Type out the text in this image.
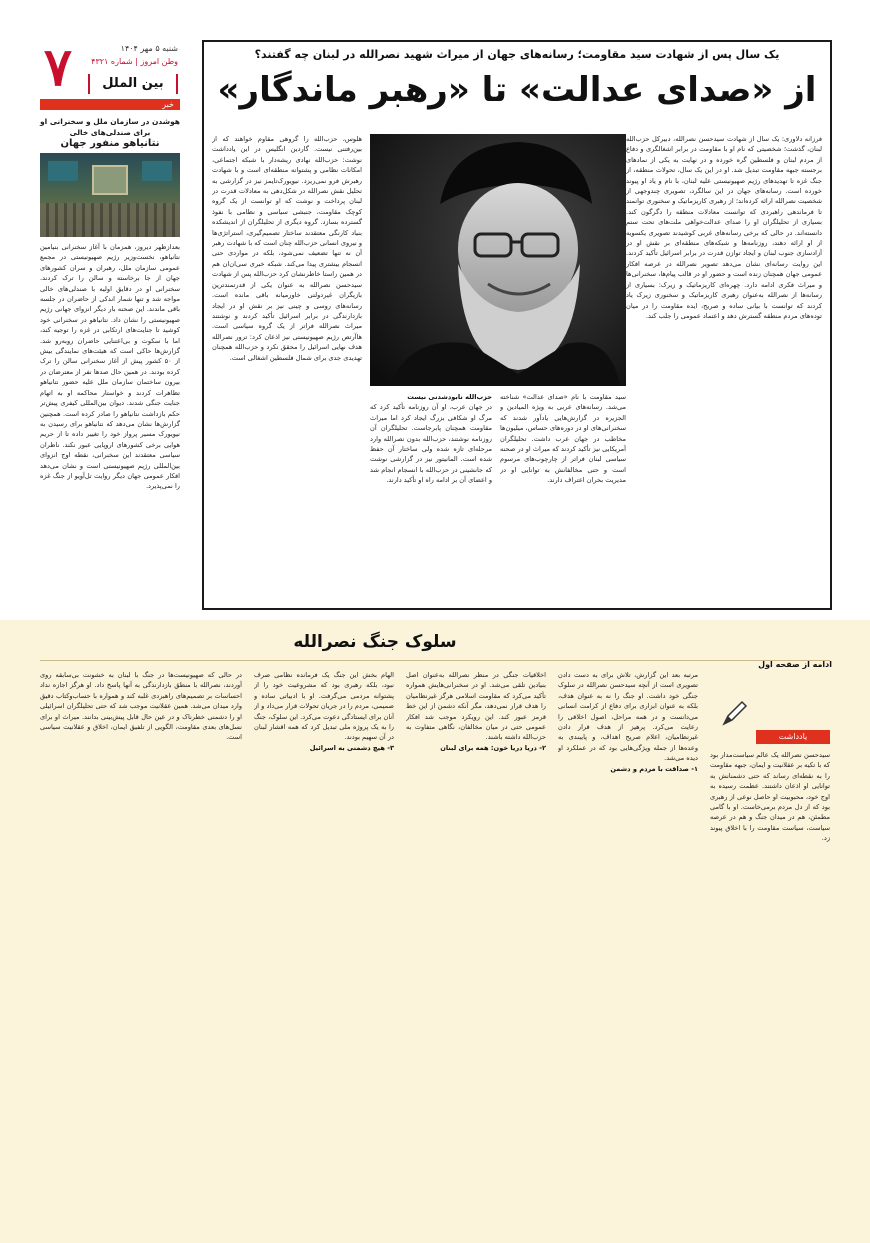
۷	شنبه ۵ مهر ۱۴۰۴
وطن امروز | شماره ۴۳۲۱
بین الملل
خبر
هوشدن در سازمان ملل و سخنرانی او برای صندلی‌های خالی
نتانیاهو منفور جهان
بعدازظهر دیروز، همزمان با آغاز سخنرانی بنیامین نتانیاهو، نخست‌وزیر رژیم صهیونیستی در مجمع عمومی سازمان ملل، رهبران و سران کشورهای جهان از جا برخاسته و سالن را ترک کردند. سخنرانی او در دقایق اولیه با صندلی‌های خالی مواجه شد و تنها شمار اندکی از حاضران در جلسه باقی ماندند. این صحنه بار دیگر انزوای جهانی رژیم صهیونیستی را نشان داد. نتانیاهو در سخنرانی خود کوشید تا جنایت‌های ارتکابی در غزه را توجیه کند، اما با سکوت و بی‌اعتنایی حاضران روبه‌رو شد. گزارش‌ها حاکی است که هیئت‌های نمایندگی بیش از ۵۰ کشور پیش از آغاز سخنرانی سالن را ترک کرده بودند. در همین حال صدها نفر از معترضان در بیرون ساختمان سازمان ملل علیه حضور نتانیاهو تظاهرات کردند و خواستار محاکمه او به اتهام جنایت جنگی شدند. دیوان بین‌المللی کیفری پیش‌تر حکم بازداشت نتانیاهو را صادر کرده است. همچنین گزارش‌ها نشان می‌دهد که نتانیاهو برای رسیدن به نیویورک مسیر پرواز خود را تغییر داده تا از حریم هوایی برخی کشورهای اروپایی عبور نکند. ناظران سیاسی معتقدند این سخنرانی، نقطه اوج انزوای بین‌المللی رژیم صهیونیستی است و نشان می‌دهد افکار عمومی جهان دیگر روایت تل‌آویو از جنگ غزه را نمی‌پذیرد.
یک سال پس از شهادت سید مقاومت؛ رسانه‌های جهان از میراث شهید نصرالله در لبنان چه گفتند؟
از «صدای عدالت» تا «رهبر ماندگار»
فرزانه دلاوری: یک سال از شهادت سیدحسن نصرالله، دبیرکل حزب‌الله لبنان، گذشت؛ شخصیتی که نام او با مقاومت در برابر اشغالگری و دفاع از مردم لبنان و فلسطین گره خورده و در نهایت به یکی از نمادهای برجسته جبهه مقاومت تبدیل شد. او در این یک سال، تحولات منطقه، از جنگ غزه تا تهدیدهای رژیم صهیونیستی علیه لبنان، با نام و یاد او پیوند خورده است. رسانه‌های جهان در این سالگرد، تصویری چندوجهی از شخصیت نصرالله ارائه کرده‌اند؛ از رهبری کاریزماتیک و سخنوری توانمند تا فرماندهی راهبردی که توانست معادلات منطقه را دگرگون کند. بسیاری از تحلیلگران او را صدای عدالت‌خواهی ملت‌های تحت ستم دانسته‌اند. در حالی که برخی رسانه‌های غربی کوشیدند تصویری یکسویه از او ارائه دهند، روزنامه‌ها و شبکه‌های منطقه‌ای بر نقش او در آزادسازی جنوب لبنان و ایجاد توازن قدرت در برابر اسرائیل تأکید کردند. این روایت رسانه‌ای نشان می‌دهد تصویر نصرالله در عرصه افکار عمومی جهان همچنان زنده است و حضور او در قالب پیام‌ها، سخنرانی‌ها و میراث فکری ادامه دارد. چهره‌ای کاریزماتیک و زیرک: بسیاری از رسانه‌ها از نصرالله به‌عنوان رهبری کاریزماتیک و سخنوری زیرک یاد کردند که توانست با بیانی ساده و صریح، ایده مقاومت را در میان توده‌های مردم منطقه گسترش دهد و اعتماد عمومی را جلب کند.
هلوس، حزب‌الله را گروهی مقاوم خواهند که از بین‌رفتنی نیست. گاردین انگلیس در این یادداشت نوشت: حزب‌الله نهادی ریشه‌دار با شبکه اجتماعی، امکانات نظامی و پشتوانه منطقه‌ای است و با شهادت رهبرش فرو نمی‌ریزد. نیویورک‌تایمز نیز در گزارشی به تحلیل نقش نصرالله در شکل‌دهی به معادلات قدرت در لبنان پرداخت و نوشت که او توانست از یک گروه کوچک مقاومت، جنبشی سیاسی و نظامی با نفوذ گسترده بسازد. گروه دیگری از تحلیلگران از اندیشکده بنیاد کارنگی معتقدند ساختار تصمیم‌گیری، استراتژی‌ها و نیروی انسانی حزب‌الله چنان است که با شهادت رهبر آن نه تنها تضعیف نمی‌شود، بلکه در مواردی حتی انسجام بیشتری پیدا می‌کند. شبکه خبری سی‌ان‌ان هم در همین راستا خاطرنشان کرد حزب‌الله پس از شهادت سیدحسن نصرالله به عنوان یکی از قدرتمندترین بازیگران غیردولتی خاورمیانه باقی مانده است. رسانه‌های روسی و چینی نیز بر نقش او در ایجاد بازدارندگی در برابر اسرائیل تأکید کردند و نوشتند میراث نصرالله فراتر از یک گروه سیاسی است. هاآرتص رژیم صهیونیستی نیز اذعان کرد: ترور نصرالله هدف نهایی اسرائیل را محقق نکرد و حزب‌الله همچنان تهدیدی جدی برای شمال فلسطین اشغالی است.
سید مقاومت با نام «صدای عدالت» شناخته می‌شد. رسانه‌های عربی به ویژه المیادین و الجزیره در گزارش‌هایی یادآور شدند که سخنرانی‌های او در دوره‌های حساس، میلیون‌ها مخاطب در جهان عرب داشت. تحلیلگران آمریکایی نیز تأکید کردند که میراث او در صحنه سیاسی لبنان فراتر از چارچوب‌های مرسوم است و حتی مخالفانش به توانایی او در مدیریت بحران اعتراف دارند.
حزب‌الله نابودشدنی نیست
در جهان عرب، او آن روزنامه تأکید کرد که مرگ او شکافی بزرگ ایجاد کرد اما میراث مقاومت همچنان پابرجاست. تحلیلگران آن روزنامه نوشتند، حزب‌الله بدون نصرالله وارد مرحله‌ای تازه شده ولی ساختار آن حفظ شده است. المانیتور نیز در گزارشی نوشت که جانشینی در حزب‌الله با انسجام انجام شد و اعضای آن بر ادامه راه او تأکید دارند.
سلوک جنگ نصرالله
ادامه از صفحه اول
یادداشت
سیدحسن نصرالله یک عالم سیاست‌مدار بود که با تکیه بر عقلانیت و ایمان، جبهه مقاومت را به نقطه‌ای رساند که حتی دشمنانش به توانایی او اذعان داشتند. عظمت رسیده به اوج خود، محبوبیت او حاصل نوعی از رهبری بود که از دل مردم برمی‌خاست. او با گامی مطمئن، هم در میدان جنگ و هم در عرصه سیاست، سیاست مقاومت را با اخلاق پیوند زد.
مرتبه بعد این گزارش، تلاش برای به دست دادن تصویری است از آنچه سیدحسن نصرالله در سلوک جنگی خود داشت. او جنگ را نه به عنوان هدف، بلکه به عنوان ابزاری برای دفاع از کرامت انسانی می‌دانست و در همه مراحل، اصول اخلاقی را رعایت می‌کرد. پرهیز از هدف قرار دادن غیرنظامیان، اعلام صریح اهداف، و پایبندی به وعده‌ها از جمله ویژگی‌هایی بود که در عملکرد او دیده می‌شد.
۱- صداقت با مردم و دشمن
اخلاقیات جنگی در منظر نصرالله به‌عنوان اصل بنیادین تلقی می‌شد. او در سخنرانی‌هایش همواره تأکید می‌کرد که مقاومت اسلامی هرگز غیرنظامیان را هدف قرار نمی‌دهد، مگر آنکه دشمن از این خط قرمز عبور کند. این رویکرد موجب شد افکار عمومی حتی در میان مخالفان، نگاهی متفاوت به حزب‌الله داشته باشند.
۲- دریا دریا خون: همه برای لبنان
الهام بخش این جنگ یک فرمانده نظامی صرف نبود، بلکه رهبری بود که مشروعیت خود را از پشتوانه مردمی می‌گرفت. او با ادبیاتی ساده و صمیمی، مردم را در جریان تحولات قرار می‌داد و از آنان برای ایستادگی دعوت می‌کرد. این سلوک، جنگ را به یک پروژه ملی تبدیل کرد که همه اقشار لبنان در آن سهیم بودند.
۳- هیچ دشمنی به اسرائیل
در حالی که صهیونیست‌ها در جنگ با لبنان به خشونت بی‌سابقه روی آوردند، نصرالله با منطق بازدارندگی به آنها پاسخ داد. او هرگز اجازه نداد احساسات بر تصمیم‌های راهبردی غلبه کند و همواره با حساب‌وکتاب دقیق وارد میدان می‌شد. همین عقلانیت موجب شد که حتی تحلیلگران اسرائیلی او را دشمنی خطرناک و در عین حال قابل پیش‌بینی بدانند. میراث او برای نسل‌های بعدی مقاومت، الگویی از تلفیق ایمان، اخلاق و عقلانیت سیاسی است.
